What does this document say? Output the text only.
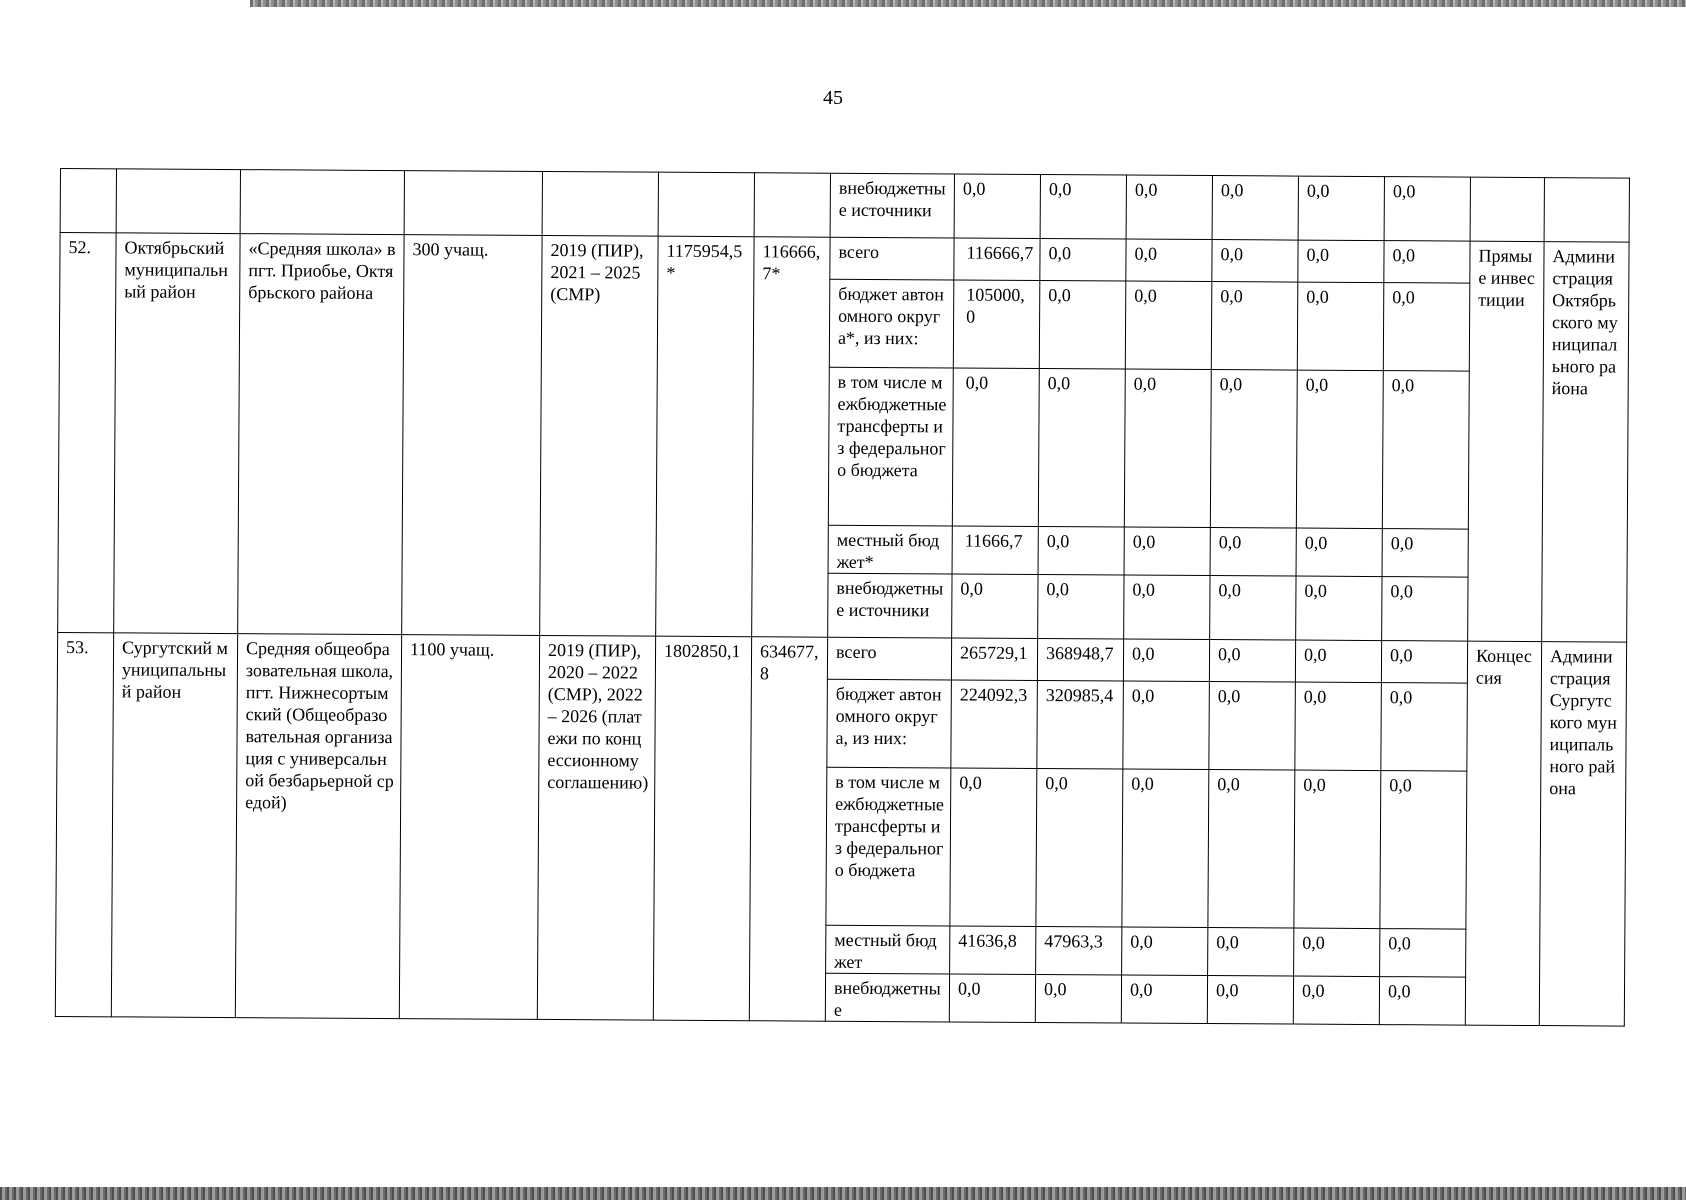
45
							внебюджетные источники	0,0	0,0	0,0	0,0	0,0	0,0		
52.	Октябрьский муниципальный район	«Средняя школа» в пгт. Приобье, Октябрьского района	300 учащ.	2019 (ПИР), 2021 – 2025 (СМР)	1175954,5*	116666,7*	всего	116666,7	0,0	0,0	0,0	0,0	0,0	Прямые инвестиции	Администрация Октябрьского муниципального района
							бюджет автономного округа*, из них:	105000,0	0,0	0,0	0,0	0,0	0,0		
							в том числе межбюджетные трансферты из федерального бюджета	0,0	0,0	0,0	0,0	0,0	0,0		
							местный бюджет*	11666,7	0,0	0,0	0,0	0,0	0,0		
							внебюджетные источники	0,0	0,0	0,0	0,0	0,0	0,0		
53.	Сургутский муниципальный район	Средняя общеобразовательная школа, пгт. Нижнесортымский (Общеобразовательная организация с универсальной безбарьерной средой)	1100 учащ.	2019 (ПИР), 2020 – 2022 (СМР), 2022 – 2026 (платежи по концессионному соглашению)	1802850,1	634677,8	всего	265729,1	368948,7	0,0	0,0	0,0	0,0	Концессия	Администрация Сургутского муниципального района
							бюджет автономного округа, из них:	224092,3	320985,4	0,0	0,0	0,0	0,0		
							в том числе межбюджетные трансферты из федерального бюджета	0,0	0,0	0,0	0,0	0,0	0,0		
							местный бюджет	41636,8	47963,3	0,0	0,0	0,0	0,0		
							внебюджетные	0,0	0,0	0,0	0,0	0,0	0,0		
